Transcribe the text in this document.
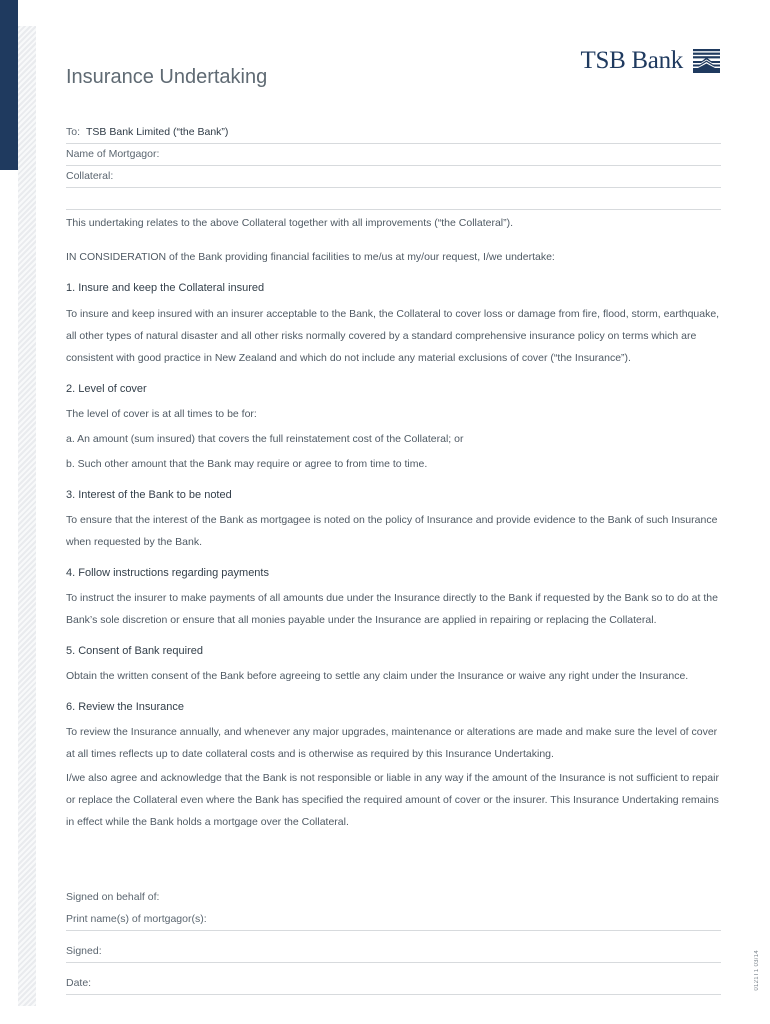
TSB Bank
Insurance Undertaking
To: TSB Bank Limited (“the Bank”)
Name of Mortgagor:
Collateral:

This undertaking relates to the above Collateral together with all improvements (“the Collateral”).

IN CONSIDERATION of the Bank providing financial facilities to me/us at my/our request, I/we undertake:

1. Insure and keep the Collateral insured

To insure and keep insured with an insurer acceptable to the Bank, the Collateral to cover loss or damage from fire, flood, storm, earthquake, all other types of natural disaster and all other risks normally covered by a standard comprehensive insurance policy on terms which are consistent with good practice in New Zealand and which do not include any material exclusions of cover (“the Insurance”).

2. Level of cover

The level of cover is at all times to be for:

a. An amount (sum insured) that covers the full reinstatement cost of the Collateral; or

b. Such other amount that the Bank may require or agree to from time to time.

3. Interest of the Bank to be noted

To ensure that the interest of the Bank as mortgagee is noted on the policy of Insurance and provide evidence to the Bank of such Insurance when requested by the Bank.

4. Follow instructions regarding payments

To instruct the insurer to make payments of all amounts due under the Insurance directly to the Bank if requested by the Bank so to do at the Bank’s sole discretion or ensure that all monies payable under the Insurance are applied in repairing or replacing the Collateral.

5. Consent of Bank required

Obtain the written consent of the Bank before agreeing to settle any claim under the Insurance or waive any right under the Insurance.

6. Review the Insurance

To review the Insurance annually, and whenever any major upgrades, maintenance or alterations are made and make sure the level of cover at all times reflects up to date collateral costs and is otherwise as required by this Insurance Undertaking.

I/we also agree and acknowledge that the Bank is not responsible or liable in any way if the amount of the Insurance is not sufficient to repair or replace the Collateral even where the Bank has specified the required amount of cover or the insurer. This Insurance Undertaking remains in effect while the Bank holds a mortgage over the Collateral.

Signed on behalf of:
Print name(s) of mortgagor(s):
Signed:
Date:	0121T1 03/14
